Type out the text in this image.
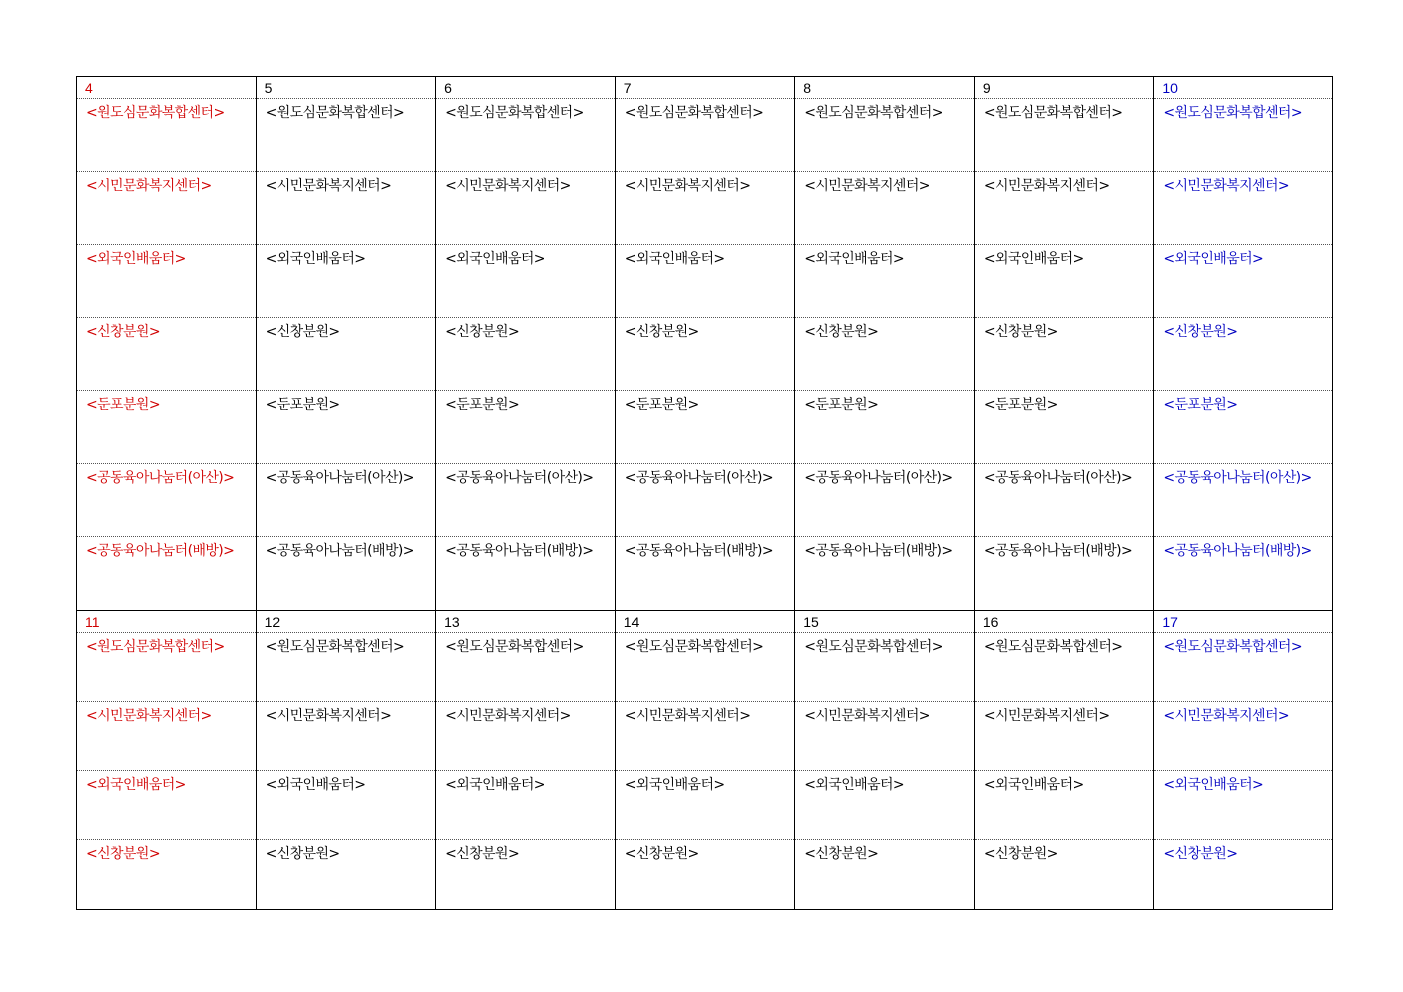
4
<원도심문화복합센터>
<시민문화복지센터>
<외국인배움터>
<신창분원>
<둔포분원>
<공동육아나눔터(아산)>
<공동육아나눔터(배방)>
5
<원도심문화복합센터>
<시민문화복지센터>
<외국인배움터>
<신창분원>
<둔포분원>
<공동육아나눔터(아산)>
<공동육아나눔터(배방)>
6
<원도심문화복합센터>
<시민문화복지센터>
<외국인배움터>
<신창분원>
<둔포분원>
<공동육아나눔터(아산)>
<공동육아나눔터(배방)>
7
<원도심문화복합센터>
<시민문화복지센터>
<외국인배움터>
<신창분원>
<둔포분원>
<공동육아나눔터(아산)>
<공동육아나눔터(배방)>
8
<원도심문화복합센터>
<시민문화복지센터>
<외국인배움터>
<신창분원>
<둔포분원>
<공동육아나눔터(아산)>
<공동육아나눔터(배방)>
9
<원도심문화복합센터>
<시민문화복지센터>
<외국인배움터>
<신창분원>
<둔포분원>
<공동육아나눔터(아산)>
<공동육아나눔터(배방)>
10
<원도심문화복합센터>
<시민문화복지센터>
<외국인배움터>
<신창분원>
<둔포분원>
<공동육아나눔터(아산)>
<공동육아나눔터(배방)>
11
<원도심문화복합센터>
<시민문화복지센터>
<외국인배움터>
<신창분원>
12
<원도심문화복합센터>
<시민문화복지센터>
<외국인배움터>
<신창분원>
13
<원도심문화복합센터>
<시민문화복지센터>
<외국인배움터>
<신창분원>
14
<원도심문화복합센터>
<시민문화복지센터>
<외국인배움터>
<신창분원>
15
<원도심문화복합센터>
<시민문화복지센터>
<외국인배움터>
<신창분원>
16
<원도심문화복합센터>
<시민문화복지센터>
<외국인배움터>
<신창분원>
17
<원도심문화복합센터>
<시민문화복지센터>
<외국인배움터>
<신창분원>
